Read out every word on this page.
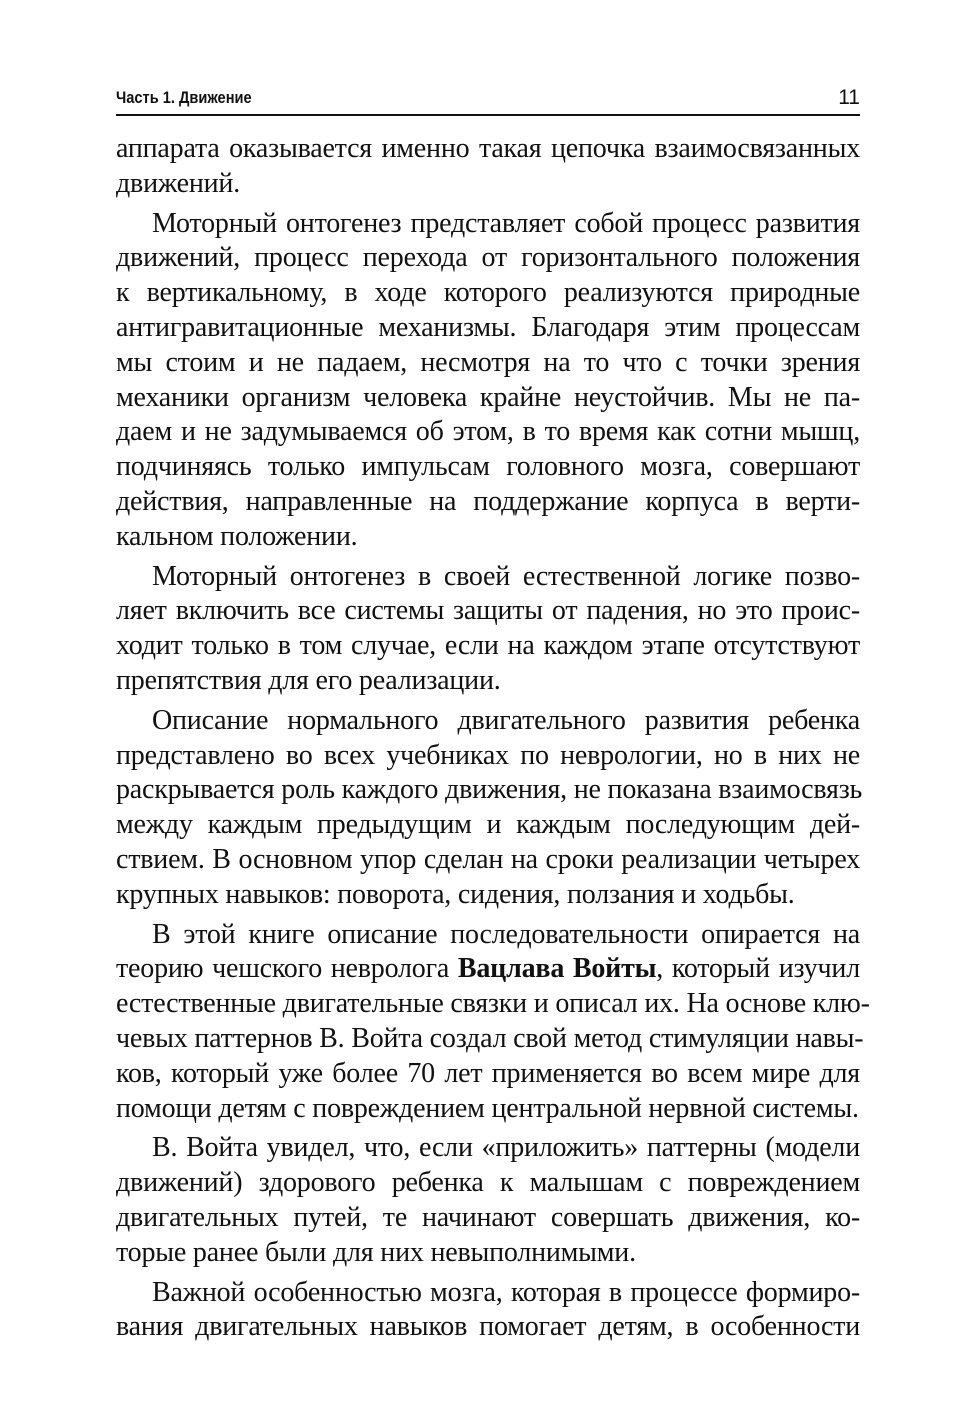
Часть 1. Движение	11
аппарата оказывается именно такая цепочка взаимосвязанных
движений.
Моторный онтогенез представляет собой процесс развития
движений, процесс перехода от горизонтального положения
к вертикальному, в ходе которого реализуются природные
антигравитационные механизмы. Благодаря этим процессам
мы стоим и не падаем, несмотря на то что с точки зрения
механики организм человека крайне неустойчив. Мы не па-
даем и не задумываемся об этом, в то время как сотни мышц,
подчиняясь только импульсам головного мозга, совершают
действия, направленные на поддержание корпуса в верти-
кальном положении.
Моторный онтогенез в своей естественной логике позво-
ляет включить все системы защиты от падения, но это проис-
ходит только в том случае, если на каждом этапе отсутствуют
препятствия для его реализации.
Описание нормального двигательного развития ребенка
представлено во всех учебниках по неврологии, но в них не
раскрывается роль каждого движения, не показана взаимосвязь
между каждым предыдущим и каждым последующим дей-
ствием. В основном упор сделан на сроки реализации четырех
крупных навыков: поворота, сидения, ползания и ходьбы.
В этой книге описание последовательности опирается на
теорию чешского невролога Вацлава Войты, который изучил
естественные двигательные связки и описал их. На основе клю-
чевых паттернов В. Войта создал свой метод стимуляции навы-
ков, который уже более 70 лет применяется во всем мире для
помощи детям с повреждением центральной нервной системы.
В. Войта увидел, что, если «приложить» паттерны (модели
движений) здорового ребенка к малышам с повреждением
двигательных путей, те начинают совершать движения, ко-
торые ранее были для них невыполнимыми.
Важной особенностью мозга, которая в процессе формиро-
вания двигательных навыков помогает детям, в особенности
